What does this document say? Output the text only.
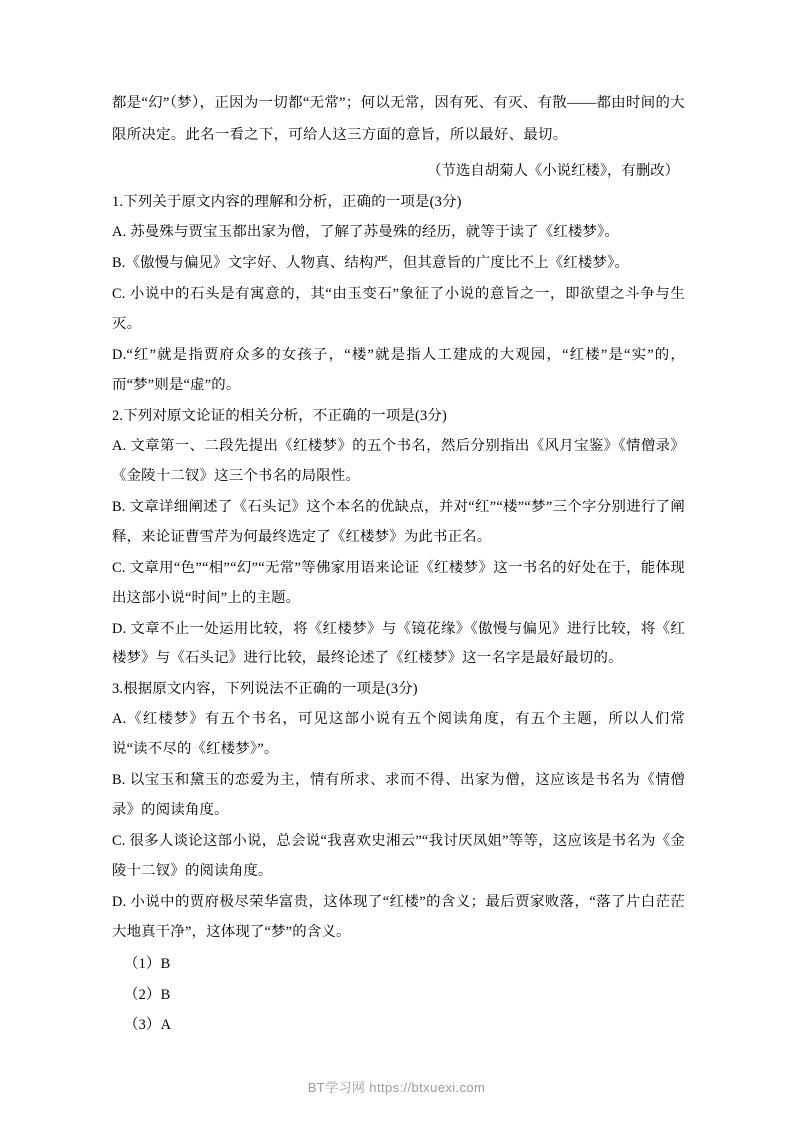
都是“幻”（梦），正因为一切都“无常”；何以无常，因有死、有灭、有散——都由时间的大限所决定。此名一看之下，可给人这三方面的意旨，所以最好、最切。

（节选自胡菊人《小说红楼》，有删改）

1.下列关于原文内容的理解和分析，正确的一项是(3分)

A. 苏曼殊与贾宝玉都出家为僧，了解了苏曼殊的经历，就等于读了《红楼梦》。

B.《傲慢与偏见》文字好、人物真、结构严，但其意旨的广度比不上《红楼梦》。

C. 小说中的石头是有寓意的，其“由玉变石”象征了小说的意旨之一，即欲望之斗争与生灭。

D.“红”就是指贾府众多的女孩子，“楼”就是指人工建成的大观园，“红楼”是“实”的，而“梦”则是“虚”的。

2.下列对原文论证的相关分析，不正确的一项是(3分)

A. 文章第一、二段先提出《红楼梦》的五个书名，然后分别指出《风月宝鉴》《情僧录》《金陵十二钗》这三个书名的局限性。

B. 文章详细阐述了《石头记》这个本名的优缺点，并对“红”“楼”“梦”三个字分别进行了阐释，来论证曹雪芹为何最终选定了《红楼梦》为此书正名。

C. 文章用“色”“相”“幻”“无常”等佛家用语来论证《红楼梦》这一书名的好处在于，能体现出这部小说“时间”上的主题。

D. 文章不止一处运用比较，将《红楼梦》与《镜花缘》《傲慢与偏见》进行比较，将《红楼梦》与《石头记》进行比较，最终论述了《红楼梦》这一名字是最好最切的。

3.根据原文内容，下列说法不正确的一项是(3分)

A.《红楼梦》有五个书名，可见这部小说有五个阅读角度，有五个主题，所以人们常说“读不尽的《红楼梦》”。

B. 以宝玉和黛玉的恋爱为主，情有所求、求而不得、出家为僧，这应该是书名为《情僧录》的阅读角度。

C. 很多人谈论这部小说，总会说“我喜欢史湘云”“我讨厌凤姐”等等，这应该是书名为《金陵十二钗》的阅读角度。

D. 小说中的贾府极尽荣华富贵，这体现了“红楼”的含义；最后贾家败落，“落了片白茫茫大地真干净”，这体现了“梦”的含义。

（1）B

（2）B

（3）A

BT学习网 https://btxuexi.com
